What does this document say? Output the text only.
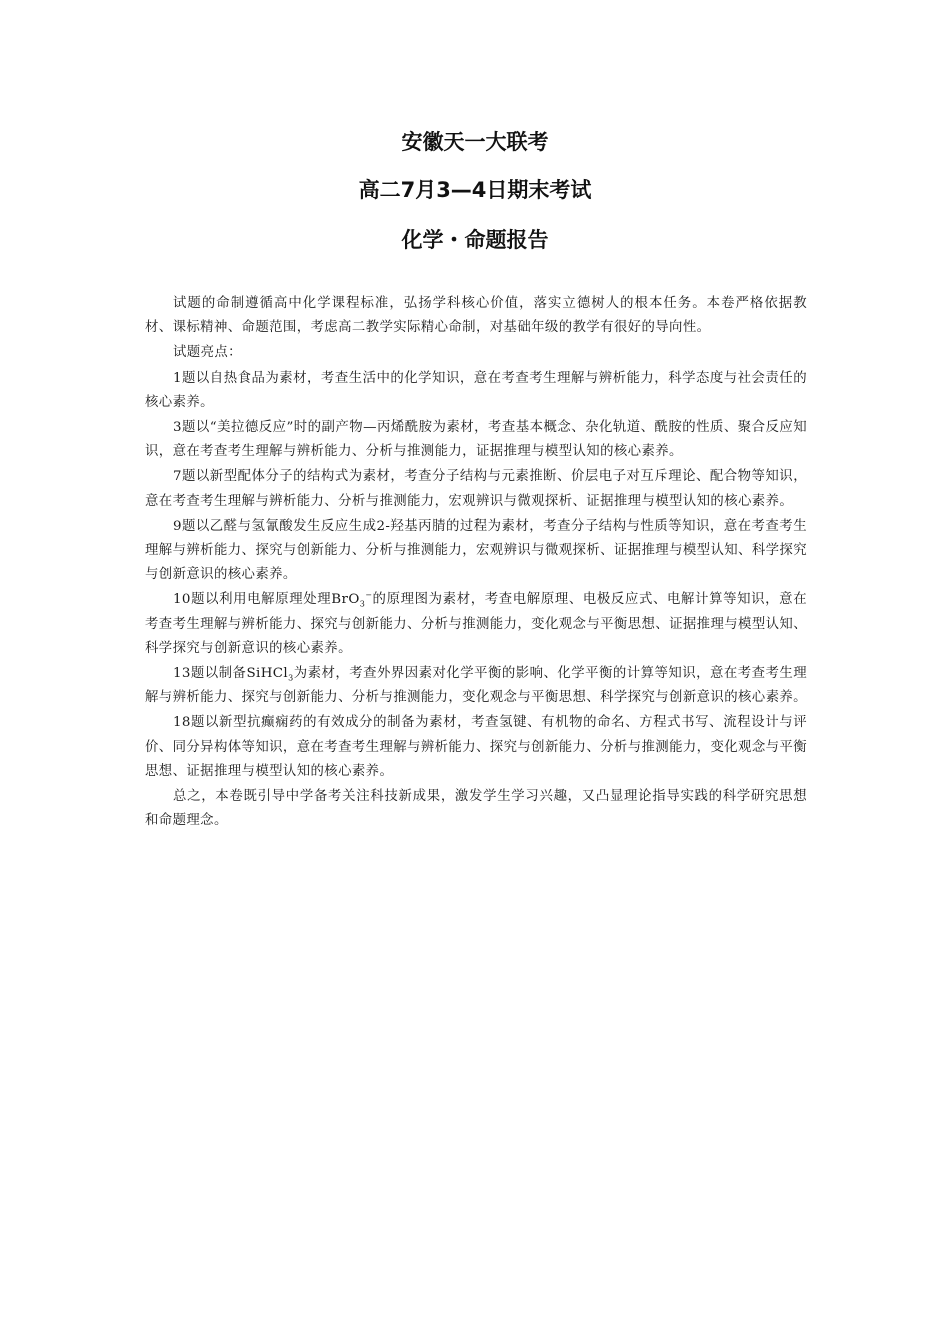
安徽天一大联考
高二7月3—4日期末考试
化学・命题报告

试题的命制遵循高中化学课程标准，弘扬学科核心价值，落实立德树人的根本任务。本卷严格依据教材、课标精神、命题范围，考虑高二教学实际精心命制，对基础年级的教学有很好的导向性。

试题亮点：

1题以自热食品为素材，考查生活中的化学知识，意在考查考生理解与辨析能力，科学态度与社会责任的核心素养。

3题以“美拉德反应”时的副产物—丙烯酰胺为素材，考查基本概念、杂化轨道、酰胺的性质、聚合反应知识，意在考查考生理解与辨析能力、分析与推测能力，证据推理与模型认知的核心素养。

7题以新型配体分子的结构式为素材，考查分子结构与元素推断、价层电子对互斥理论、配合物等知识，意在考查考生理解与辨析能力、分析与推测能力，宏观辨识与微观探析、证据推理与模型认知的核心素养。

9题以乙醛与氢氰酸发生反应生成2-羟基丙腈的过程为素材，考查分子结构与性质等知识，意在考查考生理解与辨析能力、探究与创新能力、分析与推测能力，宏观辨识与微观探析、证据推理与模型认知、科学探究与创新意识的核心素养。

10题以利用电解原理处理BrO$_3$−的原理图为素材，考查电解原理、电极反应式、电解计算等知识，意在考查考生理解与辨析能力、探究与创新能力、分析与推测能力，变化观念与平衡思想、证据推理与模型认知、科学探究与创新意识的核心素养。

13题以制备SiHCl$_3$为素材，考查外界因素对化学平衡的影响、化学平衡的计算等知识，意在考查考生理解与辨析能力、探究与创新能力、分析与推测能力，变化观念与平衡思想、科学探究与创新意识的核心素养。

18题以新型抗癫痫药的有效成分的制备为素材，考查氢键、有机物的命名、方程式书写、流程设计与评价、同分异构体等知识，意在考查考生理解与辨析能力、探究与创新能力、分析与推测能力，变化观念与平衡思想、证据推理与模型认知的核心素养。

总之，本卷既引导中学备考关注科技新成果，激发学生学习兴趣，又凸显理论指导实践的科学研究思想和命题理念。
